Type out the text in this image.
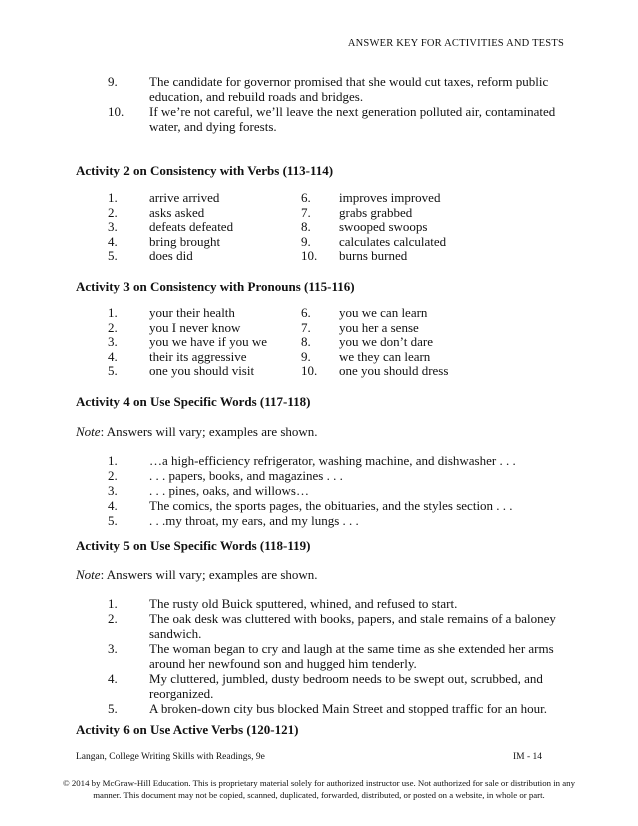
ANSWER KEY FOR ACTIVITIES AND TESTS
9.	The candidate for governor promised that she would cut taxes, reform public
education, and rebuild roads and bridges.
10.	If we’re not careful, we’ll leave the next generation polluted air, contaminated
water, and dying forests.
Activity 2 on Consistency with Verbs (113-114)
1.	arrive arrived
2.	asks asked
3.	defeats defeated
4.	bring brought
5.	does did
6.	improves improved
7.	grabs grabbed
8.	swooped swoops
9.	calculates calculated
10.	burns burned
Activity 3 on Consistency with Pronouns (115-116)
1.	your their health
2.	you I never know
3.	you we have if you we
4.	their its aggressive
5.	one you should visit
6.	you we can learn
7.	you her a sense
8.	you we don’t dare
9.	we they can learn
10.	one you should dress
Activity 4 on Use Specific Words (117-118)
Note: Answers will vary; examples are shown.
1.	…a high-efficiency refrigerator, washing machine, and dishwasher . . .
2.	. . . papers, books, and magazines . . .
3.	. . . pines, oaks, and willows…
4.	The comics, the sports pages, the obituaries, and the styles section . . .
5.	. . .my throat, my ears, and my lungs . . .
Activity 5 on Use Specific Words (118-119)
Note: Answers will vary; examples are shown.
1.	The rusty old Buick sputtered, whined, and refused to start.
2.	The oak desk was cluttered with books, papers, and stale remains of a baloney
sandwich.
3.	The woman began to cry and laugh at the same time as she extended her arms
around her newfound son and hugged him tenderly.
4.	My cluttered, jumbled, dusty bedroom needs to be swept out, scrubbed, and
reorganized.
5.	A broken-down city bus blocked Main Street and stopped traffic for an hour.
Activity 6 on Use Active Verbs (120-121)
Langan, College Writing Skills with Readings, 9e	IM - 14
© 2014 by McGraw-Hill Education. This is proprietary material solely for authorized instructor use. Not authorized for sale or distribution in any
manner. This document may not be copied, scanned, duplicated, forwarded, distributed, or posted on a website, in whole or part.
